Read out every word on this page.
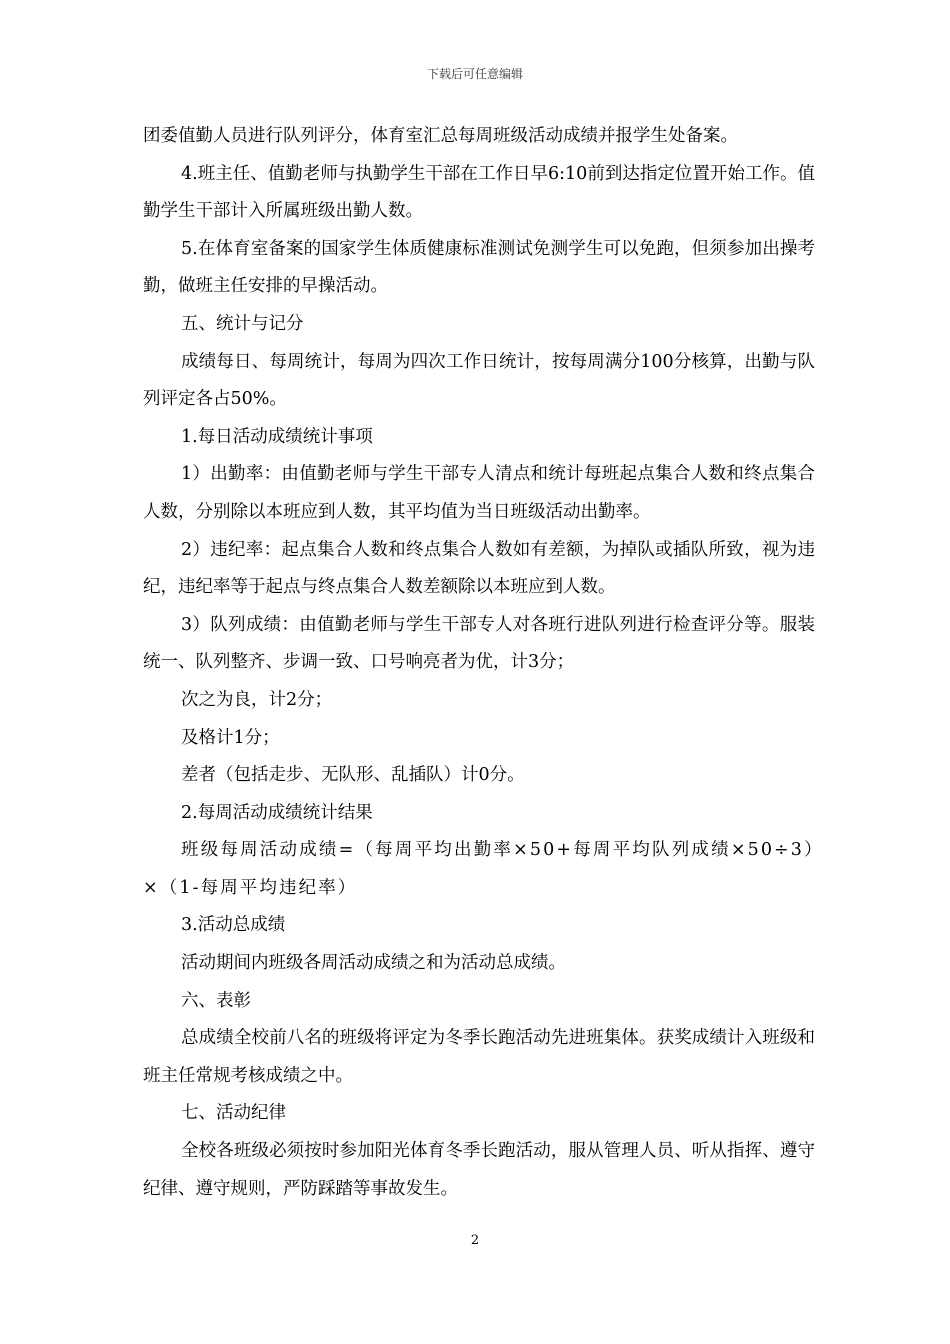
下载后可任意编辑

团委值勤人员进行队列评分，体育室汇总每周班级活动成绩并报学生处备案。

4.班主任、值勤老师与执勤学生干部在工作日早6:10前到达指定位置开始工作。值勤学生干部计入所属班级出勤人数。

5.在体育室备案的国家学生体质健康标准测试免测学生可以免跑，但须参加出操考勤，做班主任安排的早操活动。

五、统计与记分

成绩每日、每周统计，每周为四次工作日统计，按每周满分100分核算，出勤与队列评定各占50%。

1.每日活动成绩统计事项

1）出勤率：由值勤老师与学生干部专人清点和统计每班起点集合人数和终点集合人数，分别除以本班应到人数，其平均值为当日班级活动出勤率。

2）违纪率：起点集合人数和终点集合人数如有差额，为掉队或插队所致，视为违纪，违纪率等于起点与终点集合人数差额除以本班应到人数。

3）队列成绩：由值勤老师与学生干部专人对各班行进队列进行检查评分等。服装统一、队列整齐、步调一致、口号响亮者为优，计3分；

次之为良，计2分；

及格计1分；

差者（包括走步、无队形、乱插队）计0分。

2.每周活动成绩统计结果

班级每周活动成绩=（每周平均出勤率×50+每周平均队列成绩×50÷3）×（1-每周平均违纪率）

3.活动总成绩

活动期间内班级各周活动成绩之和为活动总成绩。

六、表彰

总成绩全校前八名的班级将评定为冬季长跑活动先进班集体。获奖成绩计入班级和班主任常规考核成绩之中。

七、活动纪律

全校各班级必须按时参加阳光体育冬季长跑活动，服从管理人员、听从指挥、遵守纪律、遵守规则，严防踩踏等事故发生。

2
